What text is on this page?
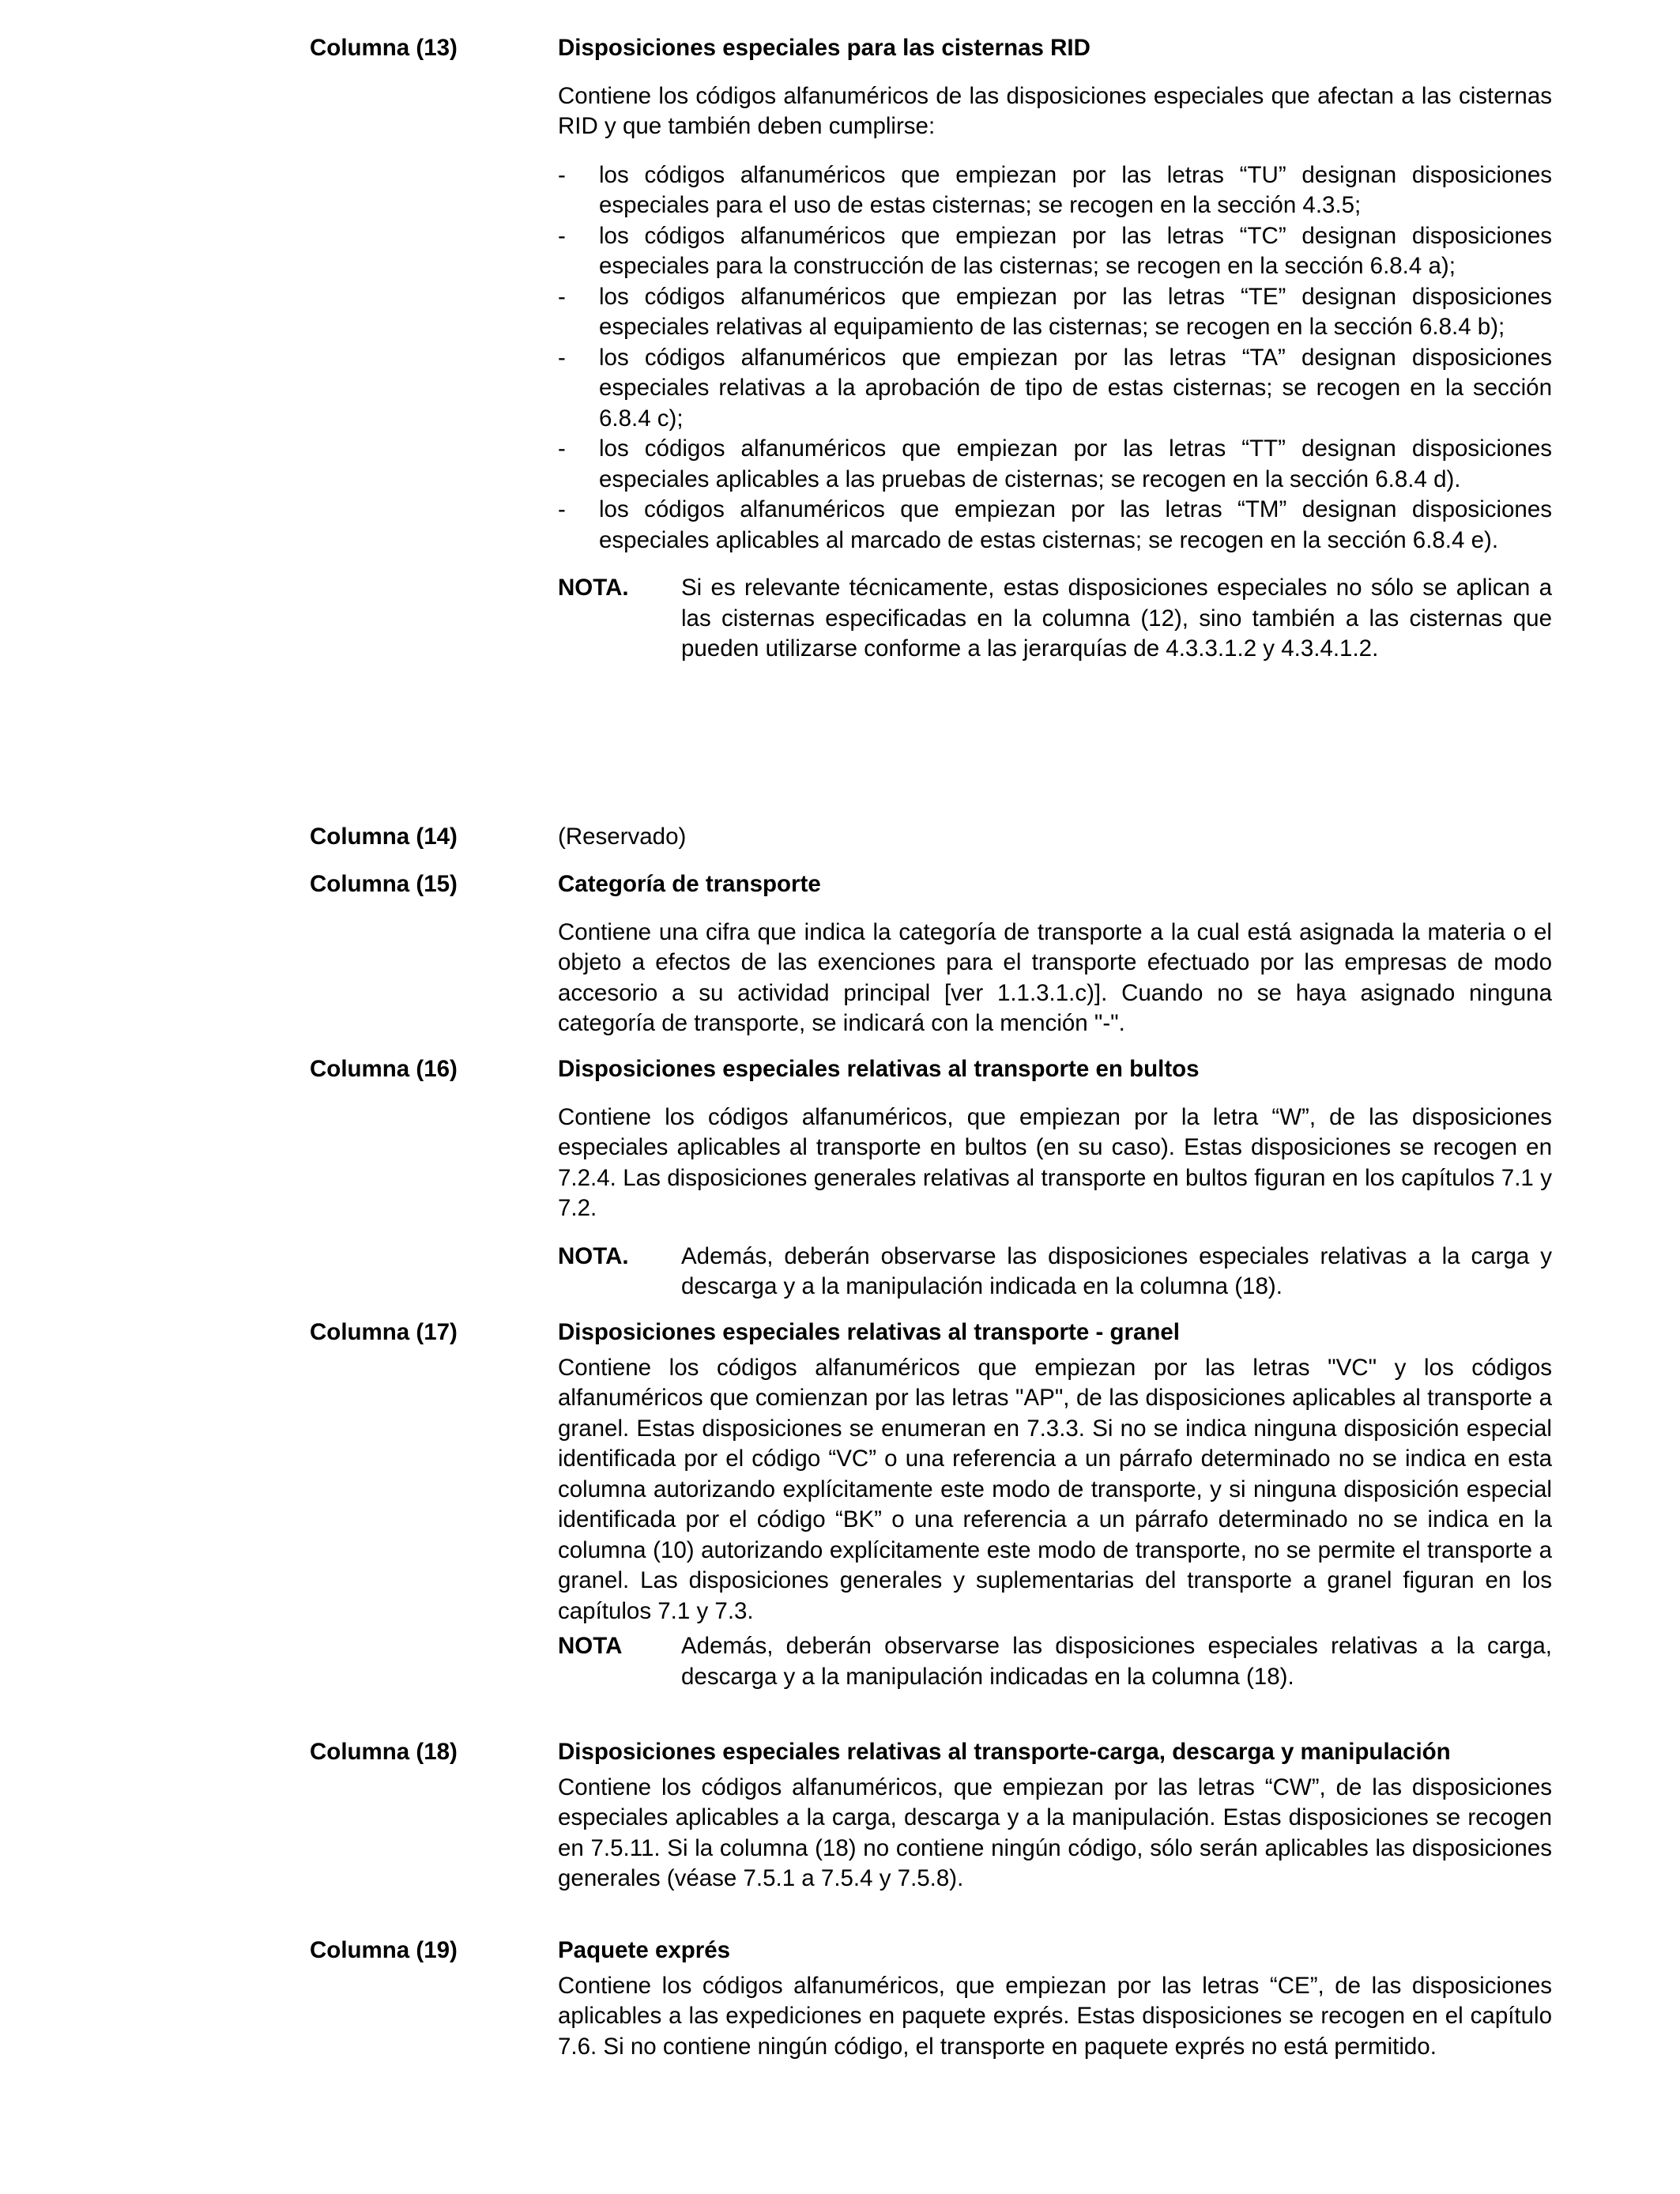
Columna (13)	Disposiciones especiales para las cisternas RID

Contiene los códigos alfanuméricos de las disposiciones especiales que afectan a las cisternas RID y que también deben cumplirse:

- los códigos alfanuméricos que empiezan por las letras “TU” designan disposiciones especiales para el uso de estas cisternas; se recogen en la sección 4.3.5;
- los códigos alfanuméricos que empiezan por las letras “TC” designan disposiciones especiales para la construcción de las cisternas; se recogen en la sección 6.8.4 a);
- los códigos alfanuméricos que empiezan por las letras “TE” designan disposiciones especiales relativas al equipamiento de las cisternas; se recogen en la sección 6.8.4 b);
- los códigos alfanuméricos que empiezan por las letras “TA” designan disposiciones especiales relativas a la aprobación de tipo de estas cisternas; se recogen en la sección 6.8.4 c);
- los códigos alfanuméricos que empiezan por las letras “TT” designan disposiciones especiales aplicables a las pruebas de cisternas; se recogen en la sección 6.8.4 d).
- los códigos alfanuméricos que empiezan por las letras “TM” designan disposiciones especiales aplicables al marcado de estas cisternas; se recogen en la sección 6.8.4 e).
NOTA. Si es relevante técnicamente, estas disposiciones especiales no sólo se aplican a las cisternas especificadas en la columna (12), sino también a las cisternas que pueden utilizarse conforme a las jerarquías de 4.3.3.1.2 y 4.3.4.1.2.
Columna (14)	(Reservado)

Columna (15)	Categoría de transporte

Contiene una cifra que indica la categoría de transporte a la cual está asignada la materia o el objeto a efectos de las exenciones para el transporte efectuado por las empresas de modo accesorio a su actividad principal [ver 1.1.3.1.c)]. Cuando no se haya asignado ninguna categoría de transporte, se indicará con la mención "-".

Columna (16)	Disposiciones especiales relativas al transporte en bultos

Contiene los códigos alfanuméricos, que empiezan por la letra “W”, de las disposiciones especiales aplicables al transporte en bultos (en su caso). Estas disposiciones se recogen en 7.2.4. Las disposiciones generales relativas al transporte en bultos figuran en los capítulos 7.1 y 7.2.

NOTA. Además, deberán observarse las disposiciones especiales relativas a la carga y descarga y a la manipulación indicada en la columna (18).
Columna (17)	Disposiciones especiales relativas al transporte - granel

Contiene los códigos alfanuméricos que empiezan por las letras "VC" y los códigos alfanuméricos que comienzan por las letras "AP", de las disposiciones aplicables al transporte a granel. Estas disposiciones se enumeran en 7.3.3. Si no se indica ninguna disposición especial identificada por el código “VC” o una referencia a un párrafo determinado no se indica en esta columna autorizando explícitamente este modo de transporte, y si ninguna disposición especial identificada por el código “BK” o una referencia a un párrafo determinado no se indica en la columna (10) autorizando explícitamente este modo de transporte, no se permite el transporte a granel. Las disposiciones generales y suplementarias del transporte a granel figuran en los capítulos 7.1 y 7.3.

NOTA	Además, deberán observarse las disposiciones especiales relativas a la carga, descarga y a la manipulación indicadas en la columna (18).
Columna (18)	Disposiciones especiales relativas al transporte-carga, descarga y manipulación

Contiene los códigos alfanuméricos, que empiezan por las letras “CW”, de las disposiciones especiales aplicables a la carga, descarga y a la manipulación. Estas disposiciones se recogen en 7.5.11. Si la columna (18) no contiene ningún código, sólo serán aplicables las disposiciones generales (véase 7.5.1 a 7.5.4 y 7.5.8).

Columna (19)	Paquete exprés

Contiene los códigos alfanuméricos, que empiezan por las letras “CE”, de las disposiciones aplicables a las expediciones en paquete exprés. Estas disposiciones se recogen en el capítulo 7.6. Si no contiene ningún código, el transporte en paquete exprés no está permitido.
